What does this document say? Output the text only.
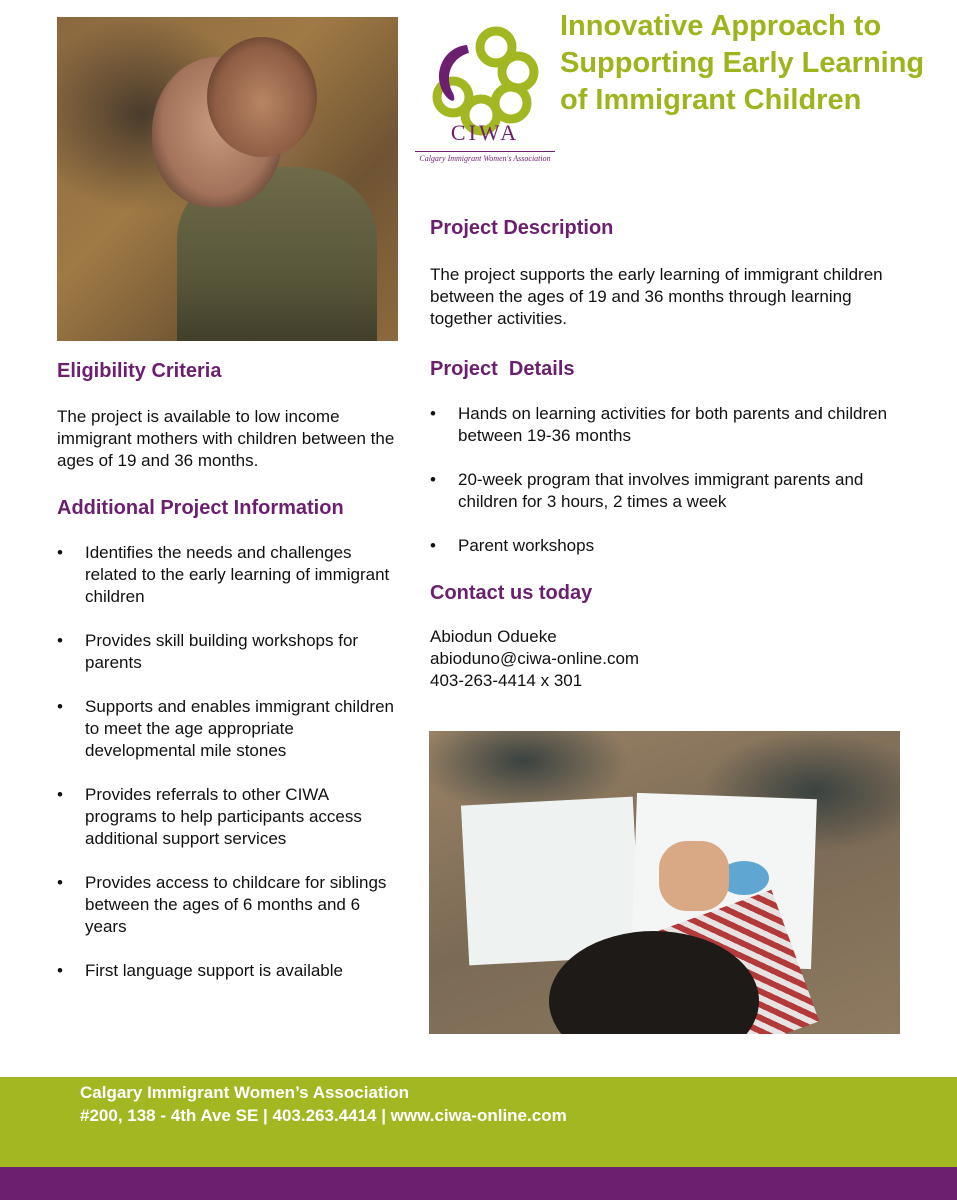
CIWA
Calgary Immigrant Women's Association
Innovative Approach to Supporting Early Learning of Immigrant Children
Project Description

The project supports the early learning of immigrant children between the ages of 19 and 36 months through learning together activities.

Project  Details
• Hands on learning activities for both parents and children between 19-36 months
• 20-week program that involves immigrant parents and children for 3 hours, 2 times a week
• Parent workshops
Contact us today
Abiodun Odueke
abioduno@ciwa-online.com
403-263-4414 x 301
Eligibility Criteria

The project is available to low income immigrant mothers with children between the ages of 19 and 36 months.

Additional Project Information
• Identifies the needs and challenges related to the early learning of immigrant children
• Provides skill building workshops for parents
• Supports and enables immigrant children to meet the age appropriate developmental mile stones
• Provides referrals to other CIWA programs to help participants access additional support services
• Provides access to childcare for siblings between the ages of 6 months and 6 years
• First language support is available
Calgary Immigrant Women’s Association
#200, 138 - 4th Ave SE | 403.263.4414 | www.ciwa-online.com
